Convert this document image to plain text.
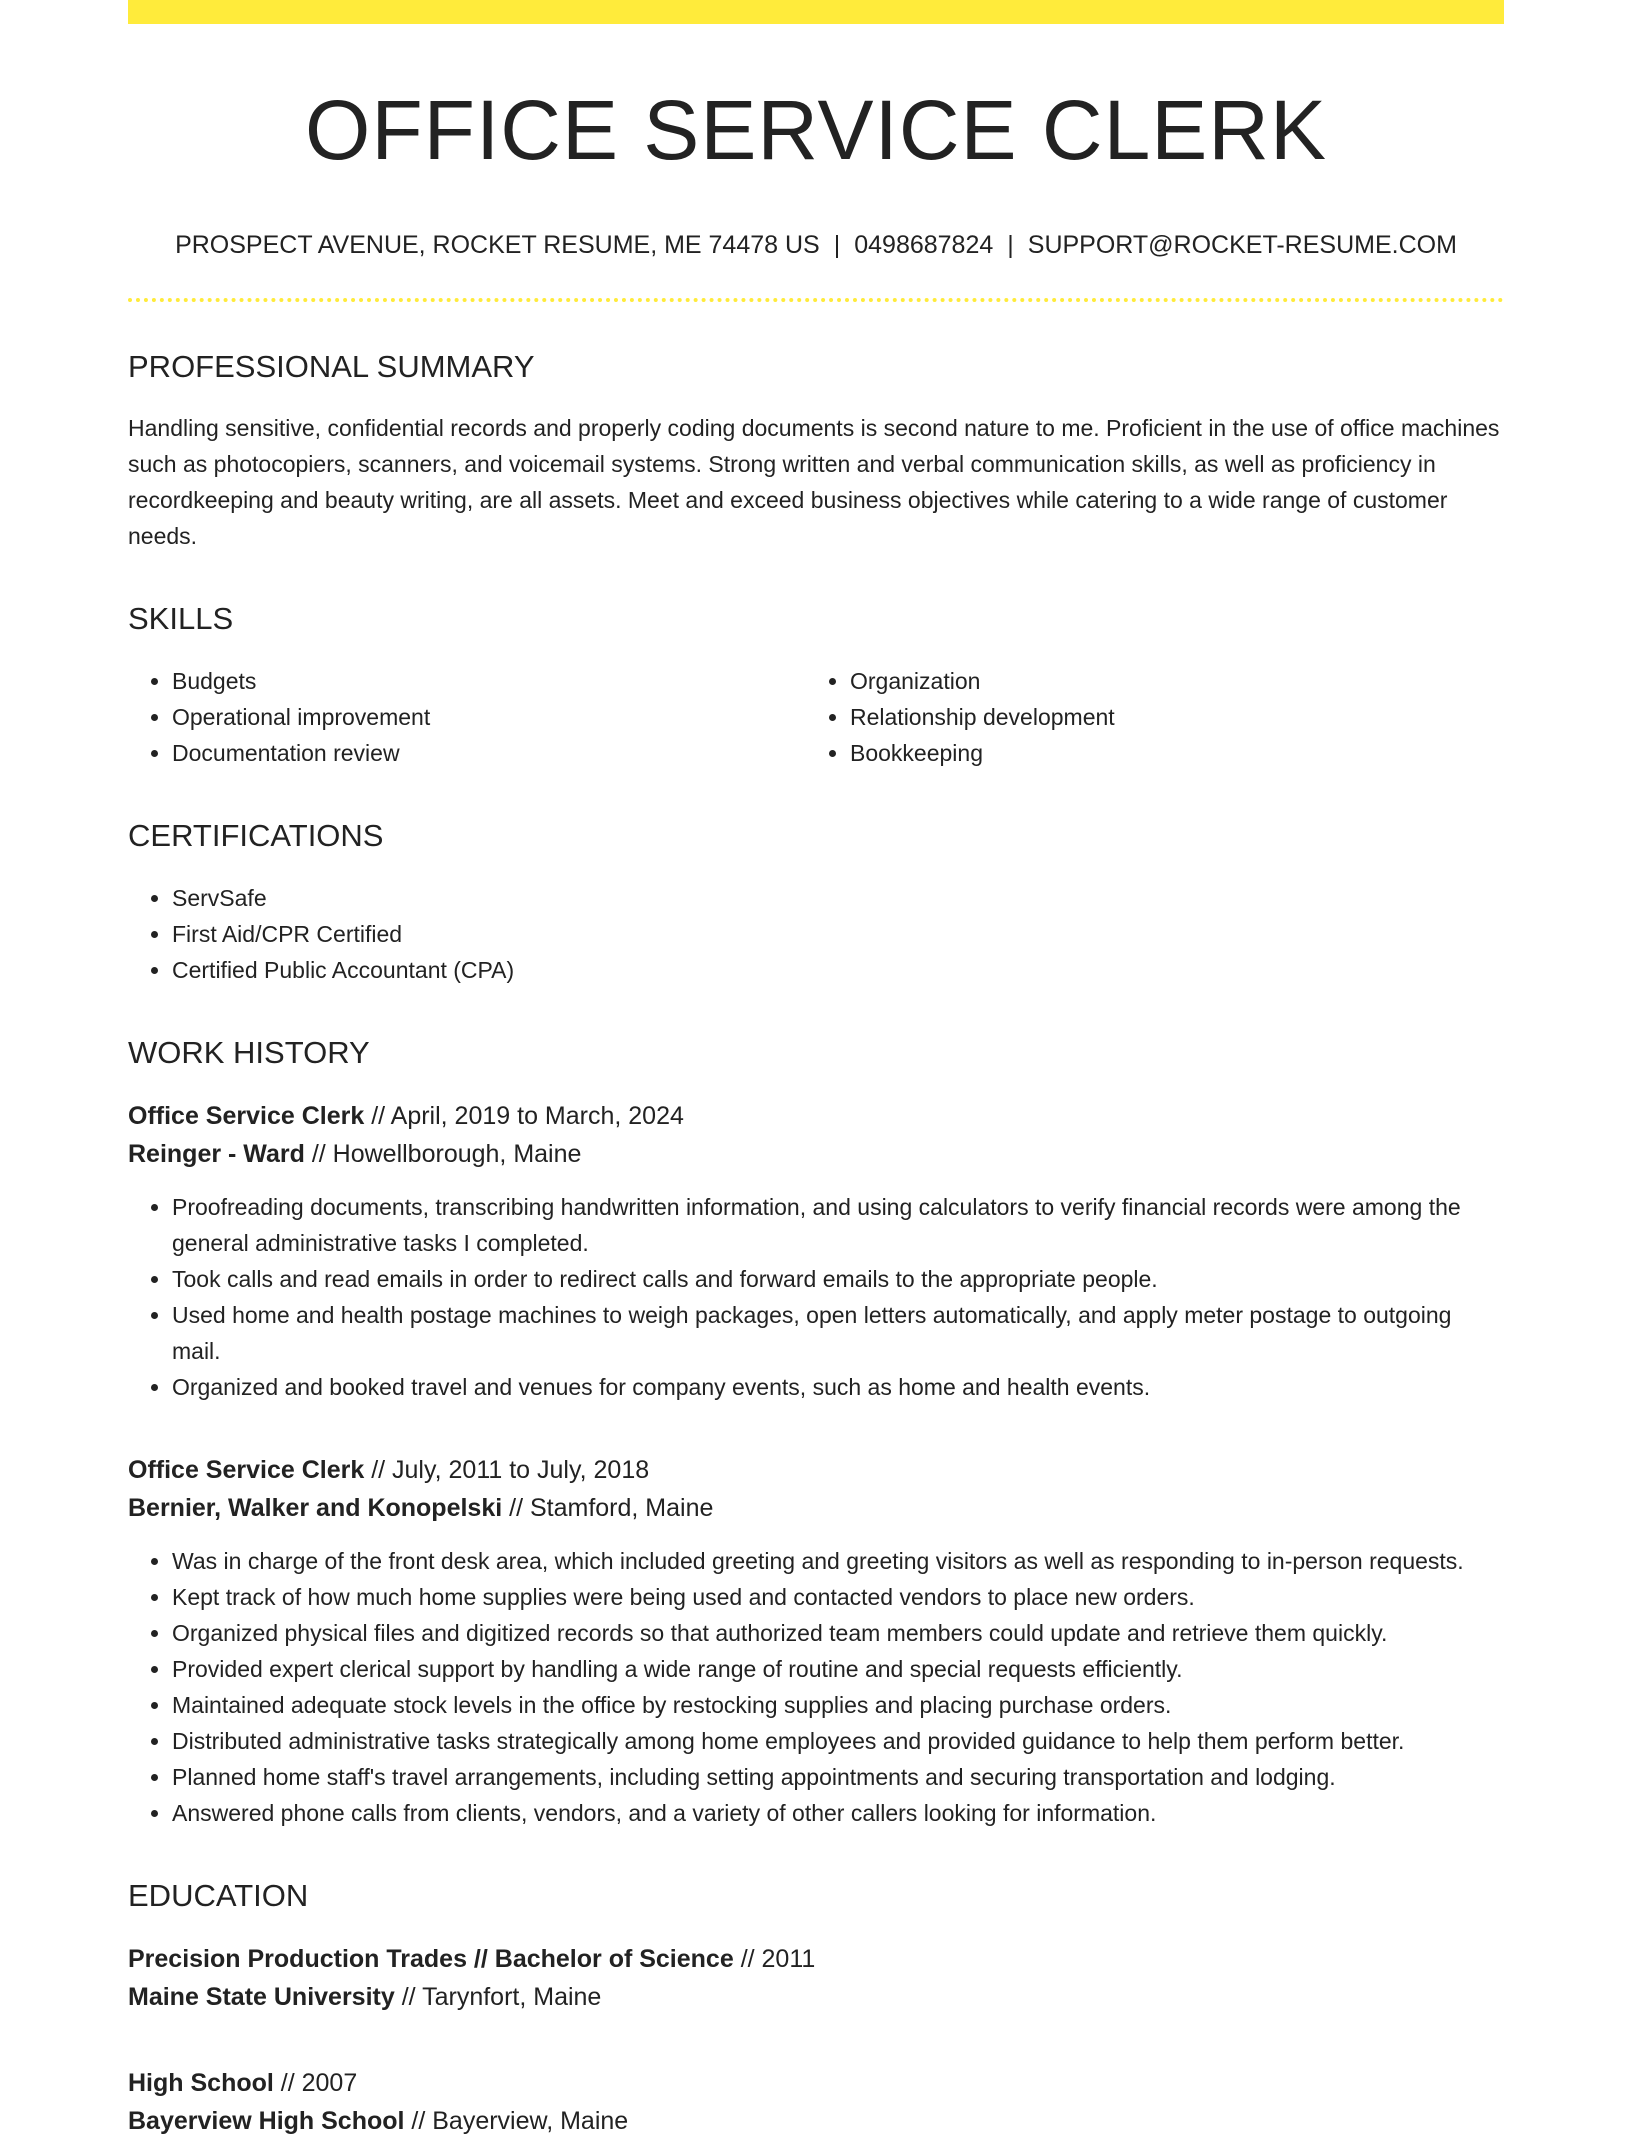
OFFICE SERVICE CLERK
PROSPECT AVENUE, ROCKET RESUME, ME 74478 US | 0498687824 | SUPPORT@ROCKET-RESUME.COM
PROFESSIONAL SUMMARY

Handling sensitive, confidential records and properly coding documents is second nature to me. Proficient in the use of office machines such as photocopiers, scanners, and voicemail systems. Strong written and verbal communication skills, as well as proficiency in recordkeeping and beauty writing, are all assets. Meet and exceed business objectives while catering to a wide range of customer needs.

SKILLS
• Budgets
• Operational improvement
• Documentation review
• Organization
• Relationship development
• Bookkeeping
CERTIFICATIONS
• ServSafe
• First Aid/CPR Certified
• Certified Public Accountant (CPA)
WORK HISTORY
Office Service Clerk // April, 2019 to March, 2024
Reinger - Ward // Howellborough, Maine
• Proofreading documents, transcribing handwritten information, and using calculators to verify financial records were among the general administrative tasks I completed.
• Took calls and read emails in order to redirect calls and forward emails to the appropriate people.
• Used home and health postage machines to weigh packages, open letters automatically, and apply meter postage to outgoing mail.
• Organized and booked travel and venues for company events, such as home and health events.
Office Service Clerk // July, 2011 to July, 2018
Bernier, Walker and Konopelski // Stamford, Maine
• Was in charge of the front desk area, which included greeting and greeting visitors as well as responding to in-person requests.
• Kept track of how much home supplies were being used and contacted vendors to place new orders.
• Organized physical files and digitized records so that authorized team members could update and retrieve them quickly.
• Provided expert clerical support by handling a wide range of routine and special requests efficiently.
• Maintained adequate stock levels in the office by restocking supplies and placing purchase orders.
• Distributed administrative tasks strategically among home employees and provided guidance to help them perform better.
• Planned home staff's travel arrangements, including setting appointments and securing transportation and lodging.
• Answered phone calls from clients, vendors, and a variety of other callers looking for information.
EDUCATION
Precision Production Trades // Bachelor of Science // 2011
Maine State University // Tarynfort, Maine
High School // 2007
Bayerview High School // Bayerview, Maine
